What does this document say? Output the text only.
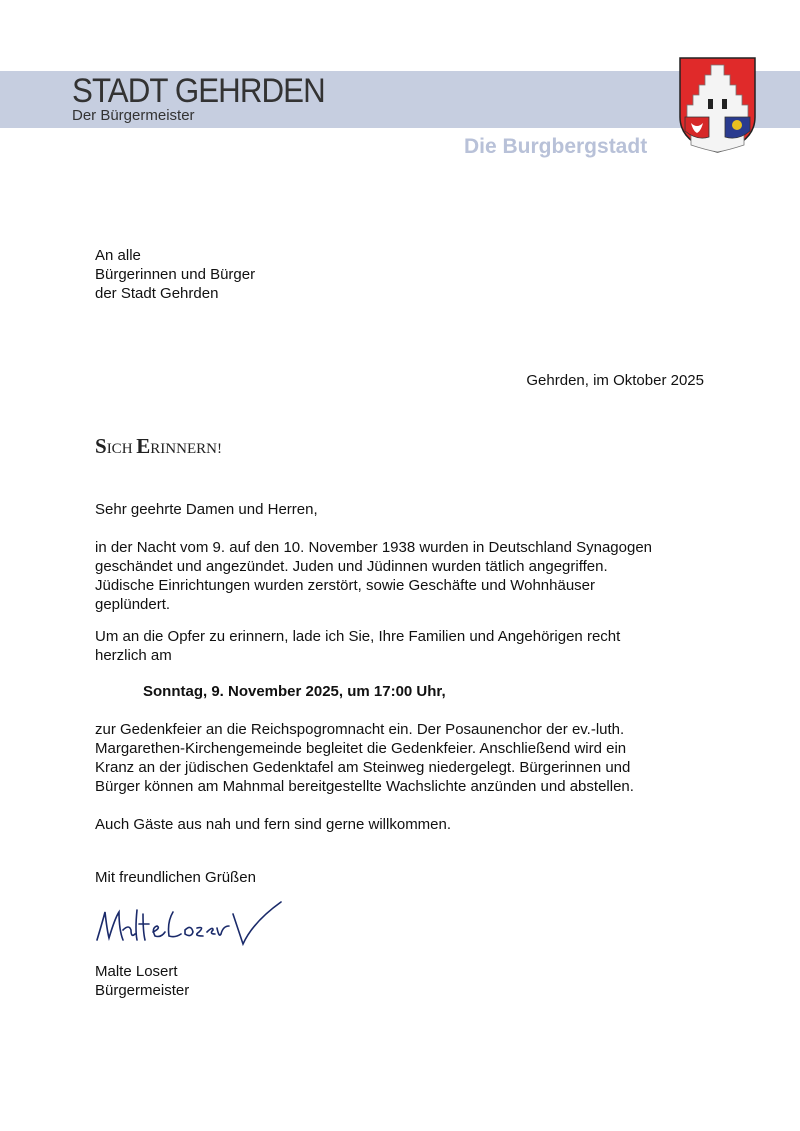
STADT GEHRDEN
Der Bürgermeister
Die Burgbergstadt

An alle

Bürgerinnen und Bürger

der Stadt Gehrden

Gehrden, im Oktober 2025
SICH ERINNERN!

Sehr geehrte Damen und Herren,

in der Nacht vom 9. auf den 10. November 1938 wurden in Deutschland Synagogen

geschändet und angezündet. Juden und Jüdinnen wurden tätlich angegriffen.

Jüdische Einrichtungen wurden zerstört, sowie Geschäfte und Wohnhäuser

geplündert.

Um an die Opfer zu erinnern, lade ich Sie, Ihre Familien und Angehörigen recht

herzlich am

Sonntag, 9. November 2025, um 17:00 Uhr,

zur Gedenkfeier an die Reichspogromnacht ein. Der Posaunenchor der ev.-luth.

Margarethen-Kirchengemeinde begleitet die Gedenkfeier. Anschließend wird ein

Kranz an der jüdischen Gedenktafel am Steinweg niedergelegt. Bürgerinnen und

Bürger können am Mahnmal bereitgestellte Wachslichte anzünden und abstellen.

Auch Gäste aus nah und fern sind gerne willkommen.

Mit freundlichen Grüßen

Malte Losert

Bürgermeister
